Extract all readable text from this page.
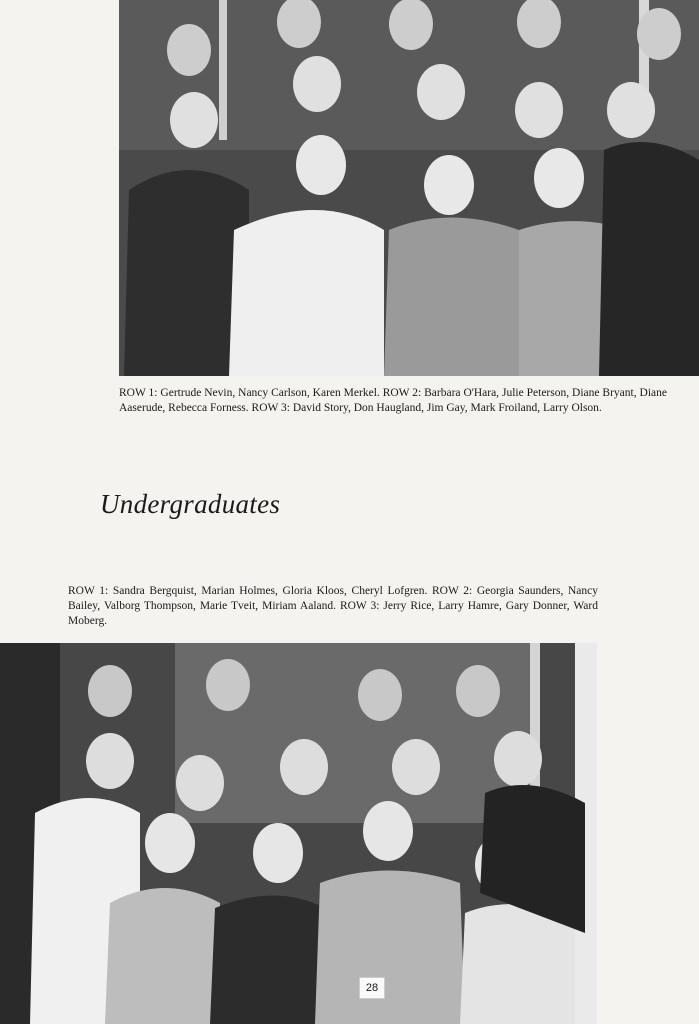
ROW 1: Gertrude Nevin, Nancy Carlson, Karen Merkel. ROW 2: Barbara O'Hara, Julie Peterson, Diane Bryant, Diane Aaserude, Rebecca Forness. ROW 3: David Story, Don Haugland, Jim Gay, Mark Froiland, Larry Olson.

Undergraduates

ROW 1: Sandra Bergquist, Marian Holmes, Gloria Kloos, Cheryl Lofgren. ROW 2: Georgia Saunders, Nancy Bailey, Valborg Thompson, Marie Tveit, Miriam Aaland. ROW 3: Jerry Rice, Larry Hamre, Gary Donner, Ward Moberg.

28
